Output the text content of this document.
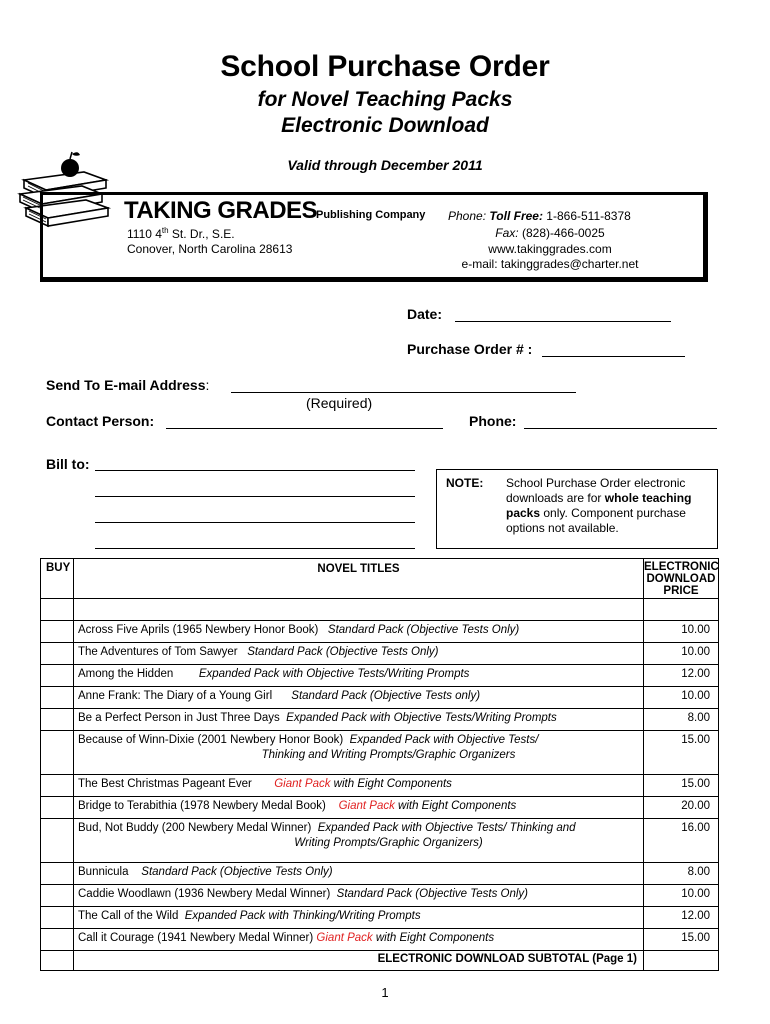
School Purchase Order
for Novel Teaching Packs
Electronic Download
Valid through December 2011
TAKING GRADES
Publishing Company
1110 4th St. Dr., S.E.
Conover, North Carolina 28613
Phone: Toll Free: 1-866-511-8378
Fax: (828)-466-0025
www.takinggrades.com
e-mail: takinggrades@charter.net
Date:
Purchase Order # :
Send To E-mail Address:
(Required)
Contact Person:	Phone:
Bill to:
NOTE: School Purchase Order electronic downloads are for whole teaching packs only. Component purchase options not available.
BUY	NOVEL TITLES	ELECTRONIC
DOWNLOAD
PRICE

	Across Five Aprils (1965 Newbery Honor Book) Standard Pack (Objective Tests Only)	10.00
	The Adventures of Tom Sawyer Standard Pack (Objective Tests Only)	10.00
	Among the Hidden Expanded Pack with Objective Tests/Writing Prompts	12.00
	Anne Frank: The Diary of a Young Girl Standard Pack (Objective Tests only)	10.00
	Be a Perfect Person in Just Three Days Expanded Pack with Objective Tests/Writing Prompts	8.00
	Because of Winn-Dixie (2001 Newbery Honor Book) Expanded Pack with Objective Tests/
Thinking and Writing Prompts/Graphic Organizers	15.00
	The Best Christmas Pageant Ever Giant Pack with Eight Components	15.00
	Bridge to Terabithia (1978 Newbery Medal Book) Giant Pack with Eight Components	20.00
	Bud, Not Buddy (200 Newbery Medal Winner) Expanded Pack with Objective Tests/ Thinking and
Writing Prompts/Graphic Organizers)	16.00
	Bunnicula Standard Pack (Objective Tests Only)	8.00
	Caddie Woodlawn (1936 Newbery Medal Winner) Standard Pack (Objective Tests Only)	10.00
	The Call of the Wild Expanded Pack with Thinking/Writing Prompts	12.00
	Call it Courage (1941 Newbery Medal Winner) Giant Pack with Eight Components	15.00
	ELECTRONIC DOWNLOAD SUBTOTAL (Page 1)	
1
